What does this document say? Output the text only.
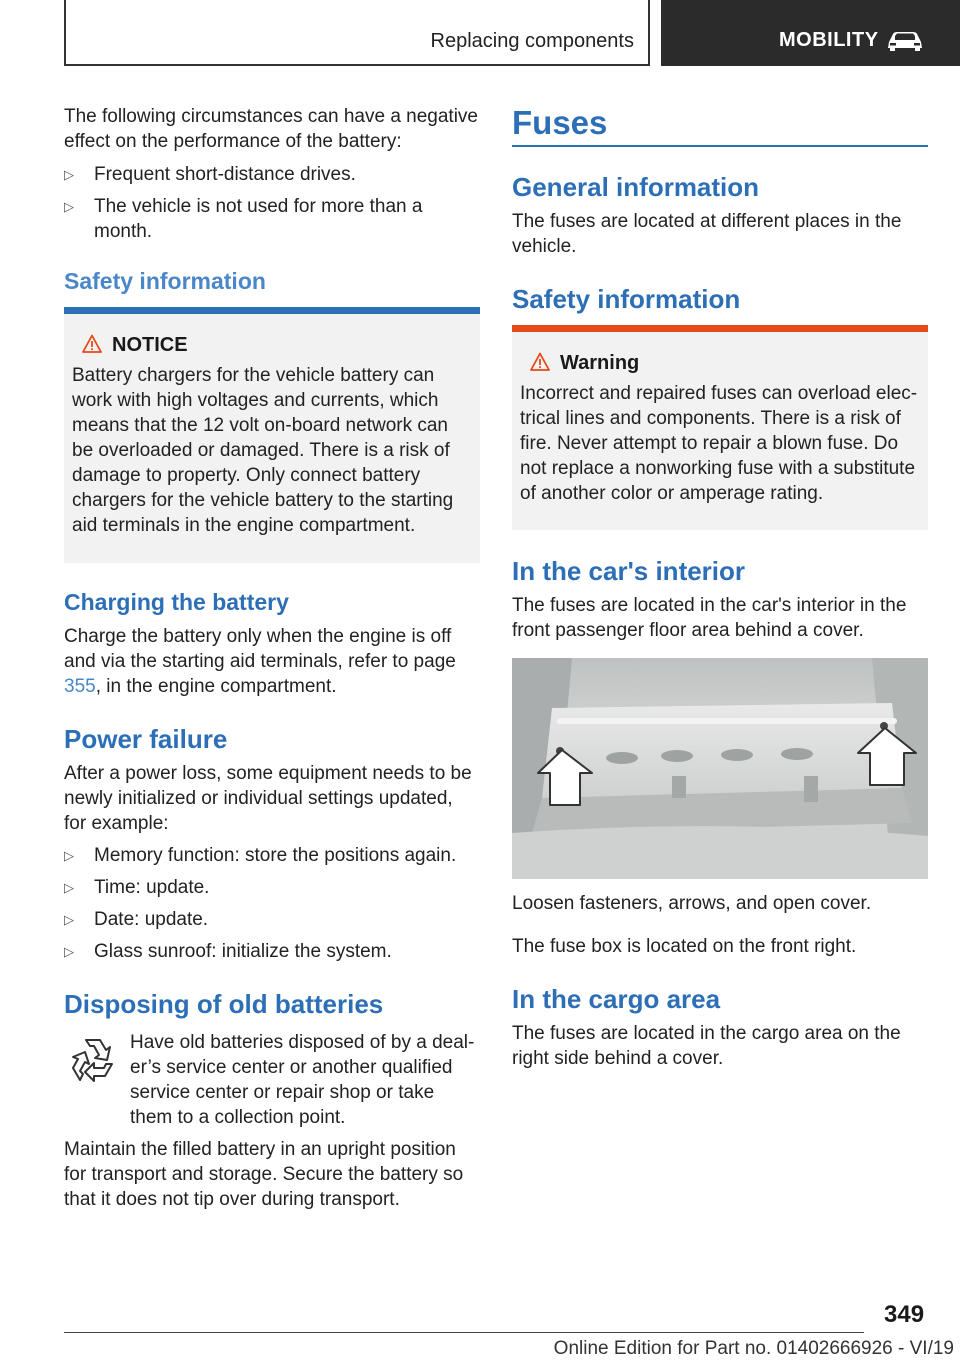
Replacing components	MOBILITY

The following circumstances can have a negative effect on the performance of the battery:

▷ Frequent short-distance drives.
▷ The vehicle is not used for more than a month.
Safety information
NOTICE

Battery chargers for the vehicle battery can work with high voltages and currents, which means that the 12 volt on-board network can be overloaded or damaged. There is a risk of damage to property. Only connect battery chargers for the vehicle battery to the starting aid terminals in the engine compartment.

Charging the battery

Charge the battery only when the engine is off and via the starting aid terminals, refer to page 355, in the engine compartment.

Power failure

After a power loss, some equipment needs to be newly initialized or individual settings updated, for example:

▷ Memory function: store the positions again.
▷ Time: update.
▷ Date: update.
▷ Glass sunroof: initialize the system.
Disposing of old batteries

Have old batteries disposed of by a deal-er’s service center or another qualified service center or repair shop or take them to a collection point.

Maintain the filled battery in an upright position for transport and storage. Secure the battery so that it does not tip over during transport.

Fuses
General information

The fuses are located at different places in the vehicle.

Safety information
Warning

Incorrect and repaired fuses can overload elec-trical lines and components. There is a risk of fire. Never attempt to repair a blown fuse. Do not replace a nonworking fuse with a substitute of another color or amperage rating.

In the car's interior

The fuses are located in the car's interior in the front passenger floor area behind a cover.

Loosen fasteners, arrows, and open cover.

The fuse box is located on the front right.

In the cargo area

The fuses are located in the cargo area on the right side behind a cover.

349
Online Edition for Part no. 01402666926 - VI/19
